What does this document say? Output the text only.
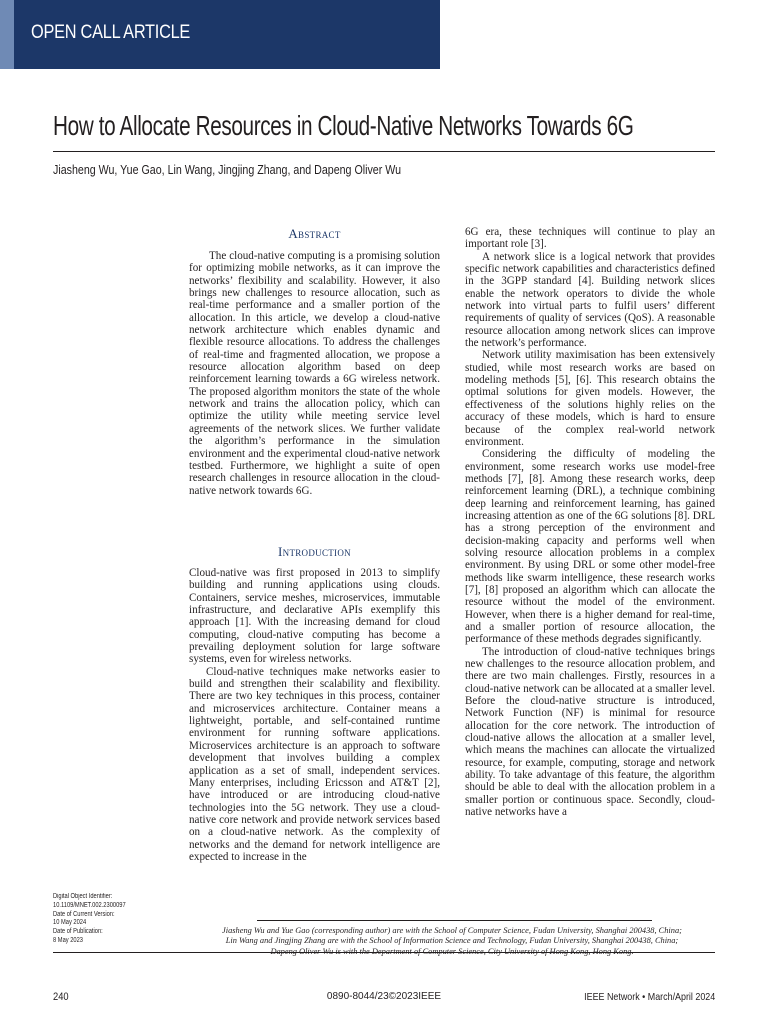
OPEN CALL ARTICLE
How to Allocate Resources in Cloud-Native Networks Towards 6G
Jiasheng Wu, Yue Gao, Lin Wang, Jingjing Zhang, and Dapeng Oliver Wu
Abstract

The cloud-native computing is a promising solution for optimizing mobile networks, as it can improve the networks’ flexibility and scalability. However, it also brings new challenges to resource allocation, such as real-time performance and a smaller portion of the allocation. In this article, we develop a cloud-native network architecture which enables dynamic and flexible resource allocations. To address the challenges of real-time and fragmented allocation, we propose a resource allocation algorithm based on deep reinforcement learning towards a 6G wireless network. The proposed algorithm monitors the state of the whole network and trains the allocation policy, which can optimize the utility while meeting service level agreements of the network slices. We further validate the algorithm’s performance in the simulation environment and the experimental cloud-native network testbed. Furthermore, we highlight a suite of open research challenges in resource allocation in the cloud-native network towards 6G.

Introduction

Cloud-native was first proposed in 2013 to simplify building and running applications using clouds. Containers, service meshes, microservices, immutable infrastructure, and declarative APIs exemplify this approach [1]. With the increasing demand for cloud computing, cloud-native computing has become a prevailing deployment solution for large software systems, even for wireless networks.

Cloud-native techniques make networks easier to build and strengthen their scalability and flexibility. There are two key techniques in this process, container and microservices architecture. Container means a lightweight, portable, and self-contained runtime environment for running software applications. Microservices architecture is an approach to software development that involves building a complex application as a set of small, independent services. Many enterprises, including Ericsson and AT&T [2], have introduced or are introducing cloud-native technologies into the 5G network. They use a cloud-native core network and provide network services based on a cloud-native network. As the complexity of networks and the demand for network intelligence are expected to increase in the

6G era, these techniques will continue to play an important role [3].

A network slice is a logical network that provides specific network capabilities and characteristics defined in the 3GPP standard [4]. Building network slices enable the network operators to divide the whole network into virtual parts to fulfil users’ different requirements of quality of services (QoS). A reasonable resource allocation among network slices can improve the network’s performance.

Network utility maximisation has been extensively studied, while most research works are based on modeling methods [5], [6]. This research obtains the optimal solutions for given models. However, the effectiveness of the solutions highly relies on the accuracy of these models, which is hard to ensure because of the complex real-world network environment.

Considering the difficulty of modeling the environment, some research works use model-free methods [7], [8]. Among these research works, deep reinforcement learning (DRL), a technique combining deep learning and reinforcement learning, has gained increasing attention as one of the 6G solutions [8]. DRL has a strong perception of the environment and decision-making capacity and performs well when solving resource allocation problems in a complex environment. By using DRL or some other model-free methods like swarm intelligence, these research works [7], [8] proposed an algorithm which can allocate the resource without the model of the environment. However, when there is a higher demand for real-time, and a smaller portion of resource allocation, the performance of these methods degrades significantly.

The introduction of cloud-native techniques brings new challenges to the resource allocation problem, and there are two main challenges. Firstly, resources in a cloud-native network can be allocated at a smaller level. Before the cloud-native structure is introduced, Network Function (NF) is minimal for resource allocation for the core network. The introduction of cloud-native allows the allocation at a smaller level, which means the machines can allocate the virtualized resource, for example, computing, storage and network ability. To take advantage of this feature, the algorithm should be able to deal with the allocation problem in a smaller portion or continuous space. Secondly, cloud-native networks have a

Digital Object Identifier:
10.1109/MNET.002.2300097
Date of Current Version:
10 May 2024
Date of Publication:
8 May 2023
Jiasheng Wu and Yue Gao (corresponding author) are with the School of Computer Science, Fudan University, Shanghai 200438, China;
Lin Wang and Jingjing Zhang are with the School of Information Science and Technology, Fudan University, Shanghai 200438, China;
240	0890-8044/23©2023IEEE	IEEE Network • March/April 2024
